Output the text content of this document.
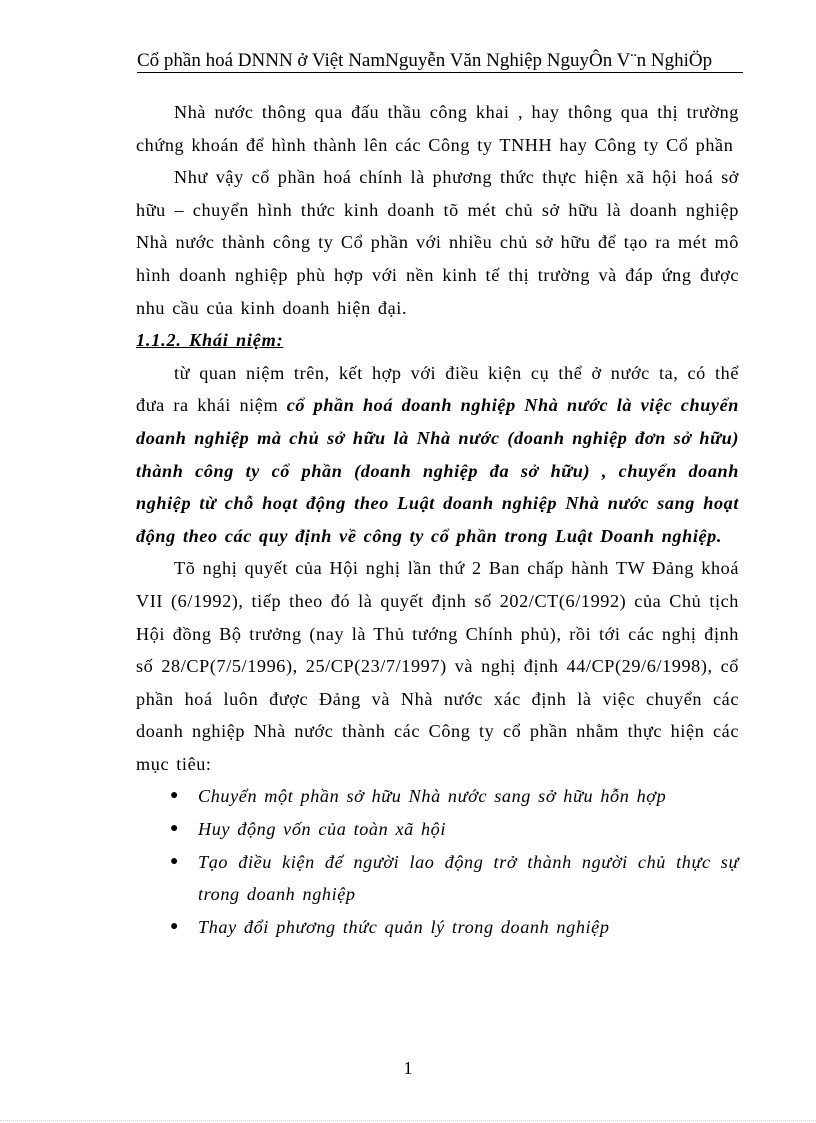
Cổ phần hoá DNNN ở Việt NamNguyễn Văn Nghiệp NguyÔn V¨n NghiÖp

Nhà nước thông qua đấu thầu công khai , hay thông qua thị trường chứng khoán để hình thành lên các Công ty TNHH hay Công ty Cổ phần

Như vậy cổ phần hoá chính là phương thức thực hiện xã hội hoá sở hữu – chuyển hình thức kinh doanh tõ mét chủ sở hữu là doanh nghiệp Nhà nước thành công ty Cổ phần với nhiều chủ sở hữu để tạo ra mét mô hình doanh nghiệp phù hợp với nền kinh tế thị trường và đáp ứng được nhu cầu của kinh doanh hiện đại.

1.1.2. Khái niệm:

từ quan niệm trên, kết hợp với điều kiện cụ thể ở nước ta, có thể đưa ra khái niệm cổ phần hoá doanh nghiệp Nhà nước là việc chuyển doanh nghiệp mà chủ sở hữu là Nhà nước (doanh nghiệp đơn sở hữu) thành công ty cổ phần (doanh nghiệp đa sở hữu) , chuyển doanh nghiệp từ chỗ hoạt động theo Luật doanh nghiệp Nhà nước sang hoạt động theo các quy định về công ty cổ phần trong Luật Doanh nghiệp.

Tõ nghị quyết của Hội nghị lần thứ 2 Ban chấp hành TW Đảng khoá VII (6/1992), tiếp theo đó là quyết định số 202/CT(6/1992) của Chủ tịch Hội đồng Bộ trưởng (nay là Thủ tướng Chính phủ), rồi tới các nghị định số 28/CP(7/5/1996), 25/CP(23/7/1997) và nghị định 44/CP(29/6/1998), cổ phần hoá luôn được Đảng và Nhà nước xác định là việc chuyển các doanh nghiệp Nhà nước thành các Công ty cổ phần nhằm thực hiện các mục tiêu:

● Chuyển một phần sở hữu Nhà nước sang sở hữu hỗn hợp
● Huy động vốn của toàn xã hội
● Tạo điều kiện để người lao động trở thành người chủ thực sự trong doanh nghiệp
● Thay đổi phương thức quản lý trong doanh nghiệp
1
